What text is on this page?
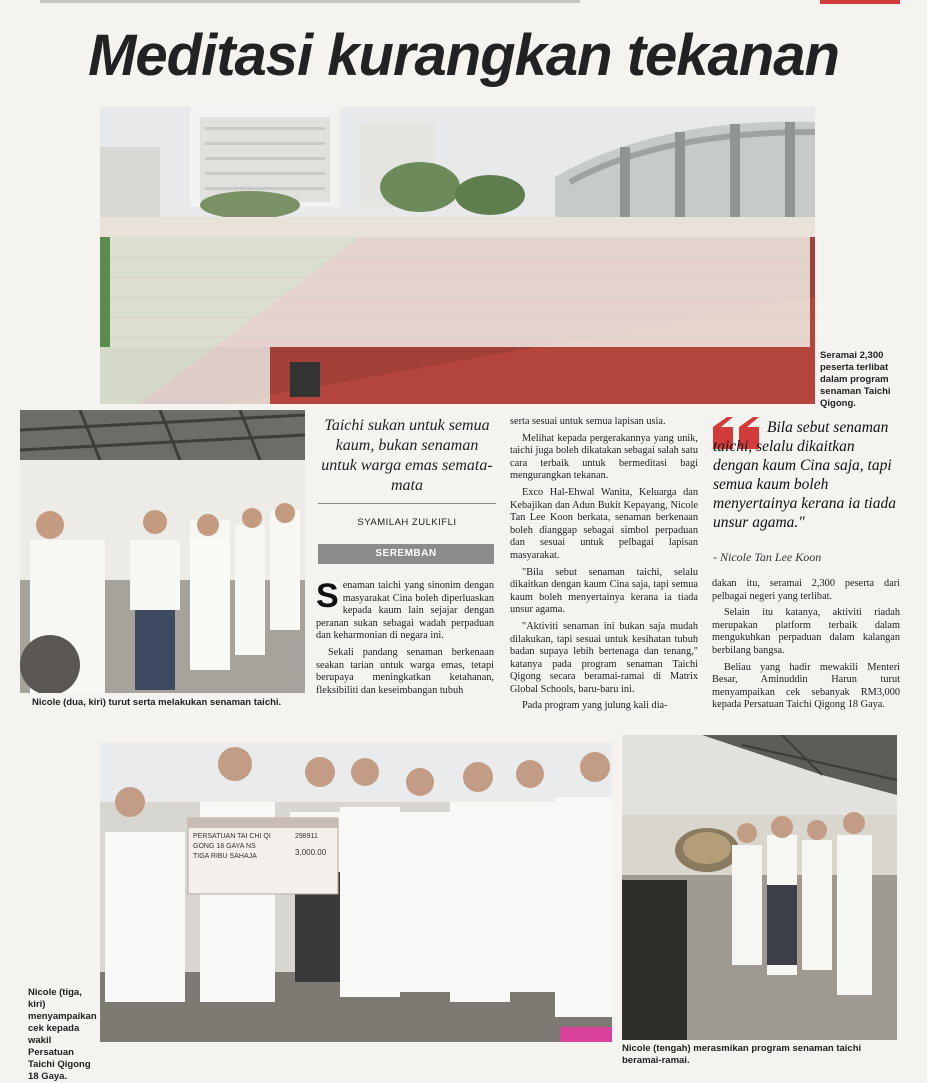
Meditasi kurangkan tekanan
Seramai 2,300 peserta terlibat dalam program senaman Taichi Qigong.
Nicole (dua, kiri) turut serta melakukan senaman taichi.
Taichi sukan untuk semua kaum, bukan senaman untuk warga emas semata-mata
SYAMILAH ZULKIFLI
SEREMBAN

Senaman taichi yang sinonim dengan masyarakat Cina boleh diperluaskan kepada kaum lain sejajar dengan peranan sukan sebagai wadah perpaduan dan keharmonian di negara ini.

Sekali pandang senaman berkenaan seakan tarian untuk warga emas, tetapi berupaya meningkatkan ketahanan, fleksibiliti dan keseimbangan tubuh

serta sesuai untuk semua lapisan usia.

Melihat kepada pergerakannya yang unik, taichi juga boleh dikatakan sebagai salah satu cara terbaik untuk bermeditasi bagi mengurangkan tekanan.

Exco Hal-Ehwal Wanita, Keluarga dan Kebajikan dan Adun Bukit Kepayang, Nicole Tan Lee Koon berkata, senaman berkenaan boleh dianggap sebagai simbol perpaduan dan sesuai untuk pelbagai lapisan masyarakat.

"Bila sebut senaman taichi, selalu dikaitkan dengan kaum Cina saja, tapi semua kaum boleh menyertainya kerana ia tiada unsur agama.

"Aktiviti senaman ini bukan saja mudah dilakukan, tapi sesuai untuk kesihatan tubuh badan supaya lebih bertenaga dan tenang," katanya pada program senaman Taichi Qigong secara beramai-ramai di Matrix Global Schools, baru-baru ini.

Pada program yang julung kali dia-

Bila sebut senaman taichi, selalu dikaitkan dengan kaum Cina saja, tapi semua kaum boleh menyertainya kerana ia tiada unsur agama."
- Nicole Tan Lee Koon

dakan itu, seramai 2,300 peserta dari pelbagai negeri yang terlibat.

Selain itu katanya, aktiviti riadah merupakan platform terbaik dalam mengukuhkan perpaduan dalam kalangan berbilang bangsa.

Beliau yang hadir mewakili Menteri Besar, Aminuddin Harun turut menyampaikan cek sebanyak RM3,000 kepada Persatuan Taichi Qigong 18 Gaya.

PERSATUAN TAI CHI QI
GONG 18 GAYA NS
TIGA RIBU SAHAJA
298911
3,000.00
Nicole (tiga, kiri) menyampaikan cek kepada wakil Persatuan Taichi Qigong 18 Gaya.
Nicole (tengah) merasmikan program senaman taichi beramai-ramai.
